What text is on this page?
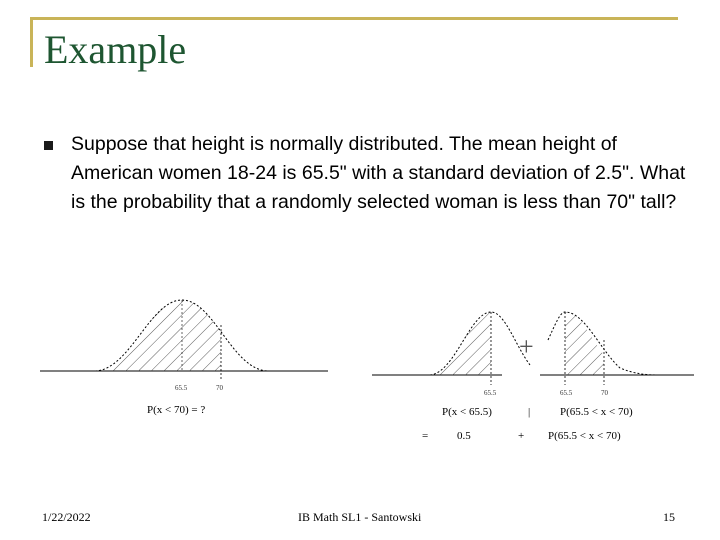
Example
Suppose that height is normally distributed. The mean height of American women 18-24 is 65.5" with a standard deviation of 2.5". What is the probability that a randomly selected woman is less than 70" tall?
65.5	70
P(x < 70) = ?
+
65.5	65.5	70
P(x < 65.5)	|	P(65.5 < x < 70)
=	0.5	+ P(65.5 < x < 70)
1/22/2022	IB Math SL1 - Santowski	15
